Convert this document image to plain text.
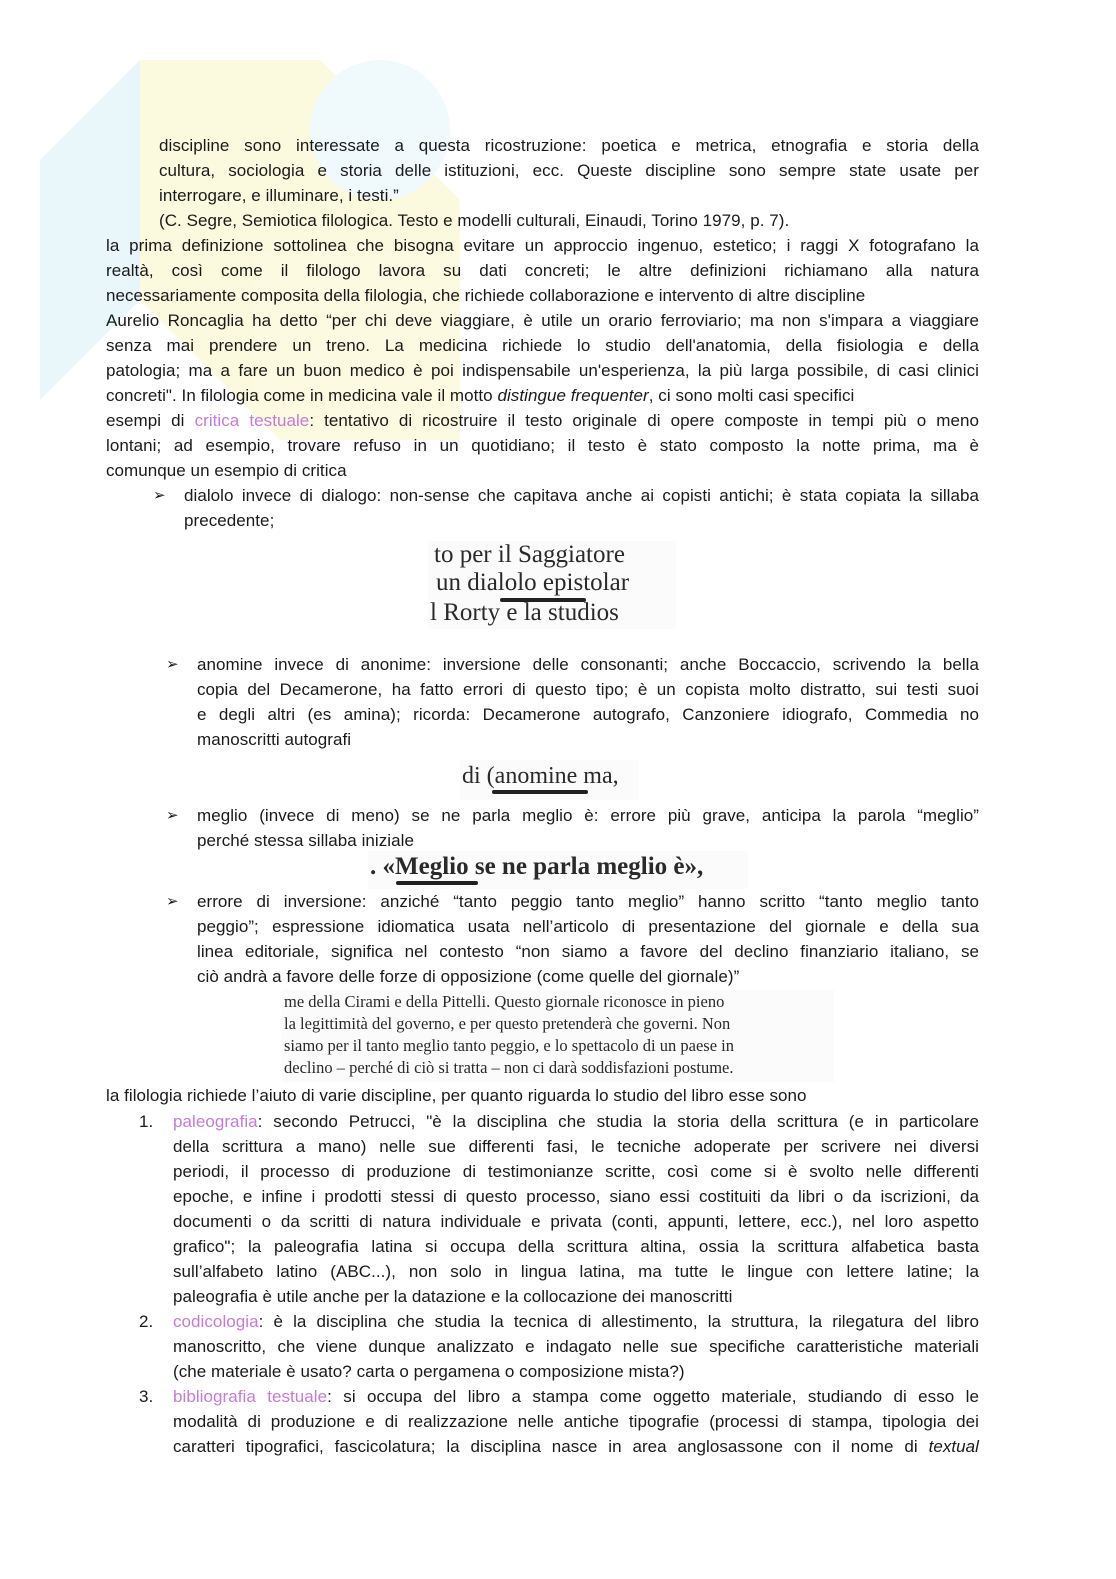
discipline sono interessate a questa ricostruzione: poetica e metrica, etnografia e storia della
cultura, sociologia e storia delle istituzioni, ecc. Queste discipline sono sempre state usate per
interrogare, e illuminare, i testi.”
(C. Segre, Semiotica filologica. Testo e modelli culturali, Einaudi, Torino 1979, p. 7).
la prima definizione sottolinea che bisogna evitare un approccio ingenuo, estetico; i raggi X fotografano la
realtà, così come il filologo lavora su dati concreti; le altre definizioni richiamano alla natura
necessariamente composita della filologia, che richiede collaborazione e intervento di altre discipline
Aurelio Roncaglia ha detto “per chi deve viaggiare, è utile un orario ferroviario; ma non s'impara a viaggiare
senza mai prendere un treno. La medicina richiede lo studio dell'anatomia, della fisiologia e della
patologia; ma a fare un buon medico è poi indispensabile un'esperienza, la più larga possibile, di casi clinici
concreti". In filologia come in medicina vale il motto distingue frequenter, ci sono molti casi specifici
esempi di critica testuale: tentativo di ricostruire il testo originale di opere composte in tempi più o meno
lontani; ad esempio, trovare refuso in un quotidiano; il testo è stato composto la notte prima, ma è
comunque un esempio di critica
➢ dialolo invece di dialogo: non-sense che capitava anche ai copisti antichi; è stata copiata la sillaba
precedente;
to per il Saggiatore
un dialolo epistolar
l Rorty e la studios
➢ anomine invece di anonime: inversione delle consonanti; anche Boccaccio, scrivendo la bella
copia del Decamerone, ha fatto errori di questo tipo; è un copista molto distratto, sui testi suoi
e degli altri (es amina); ricorda: Decamerone autografo, Canzoniere idiografo, Commedia no
manoscritti autografi
di (anomine ma,
➢ meglio (invece di meno) se ne parla meglio è: errore più grave, anticipa la parola “meglio”
perché stessa sillaba iniziale
. «Meglio se ne parla meglio è»,
➢ errore di inversione: anziché “tanto peggio tanto meglio” hanno scritto “tanto meglio tanto
peggio”; espressione idiomatica usata nell’articolo di presentazione del giornale e della sua
linea editoriale, significa nel contesto “non siamo a favore del declino finanziario italiano, se
ciò andrà a favore delle forze di opposizione (come quelle del giornale)”
me della Cirami e della Pittelli. Questo giornale riconosce in pieno
la legittimità del governo, e per questo pretenderà che governi. Non
siamo per il tanto meglio tanto peggio, e lo spettacolo di un paese in
declino – perché di ciò si tratta – non ci darà soddisfazioni postume.
la filologia richiede l’aiuto di varie discipline, per quanto riguarda lo studio del libro esse sono
1. paleografia: secondo Petrucci, "è la disciplina che studia la storia della scrittura (e in particolare
della scrittura a mano) nelle sue differenti fasi, le tecniche adoperate per scrivere nei diversi
periodi, il processo di produzione di testimonianze scritte, così come si è svolto nelle differenti
epoche, e infine i prodotti stessi di questo processo, siano essi costituiti da libri o da iscrizioni, da
documenti o da scritti di natura individuale e privata (conti, appunti, lettere, ecc.), nel loro aspetto
grafico"; la paleografia latina si occupa della scrittura altina, ossia la scrittura alfabetica basta
sull’alfabeto latino (ABC...), non solo in lingua latina, ma tutte le lingue con lettere latine; la
paleografia è utile anche per la datazione e la collocazione dei manoscritti
2. codicologia: è la disciplina che studia la tecnica di allestimento, la struttura, la rilegatura del libro
manoscritto, che viene dunque analizzato e indagato nelle sue specifiche caratteristiche materiali
(che materiale è usato? carta o pergamena o composizione mista?)
3. bibliografia testuale: si occupa del libro a stampa come oggetto materiale, studiando di esso le
modalità di produzione e di realizzazione nelle antiche tipografie (processi di stampa, tipologia dei
caratteri tipografici, fascicolatura; la disciplina nasce in area anglosassone con il nome di textual
